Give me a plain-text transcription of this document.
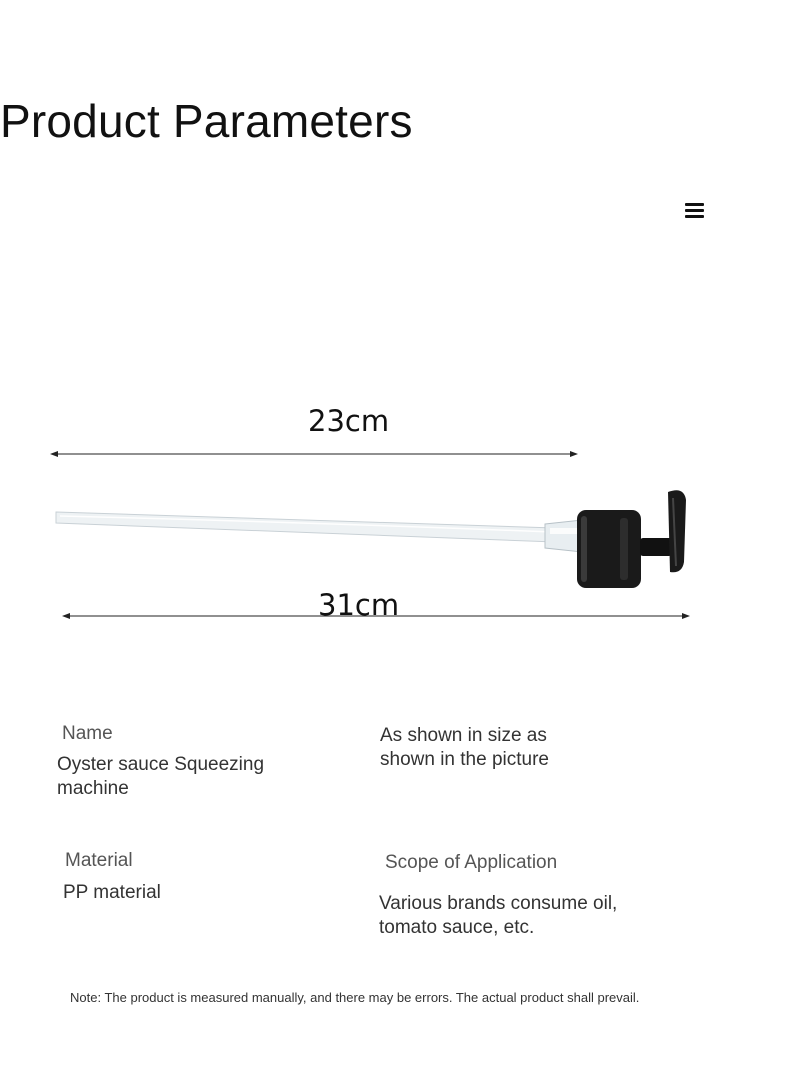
Product Parameters
23cm
31cm
Name
Oyster sauce Squeezing
machine
As shown in size as
shown in the picture
Material
PP material
Scope of Application
Various brands consume oil,
tomato sauce, etc.
Note: The product is measured manually, and there may be errors. The actual product shall prevail.
